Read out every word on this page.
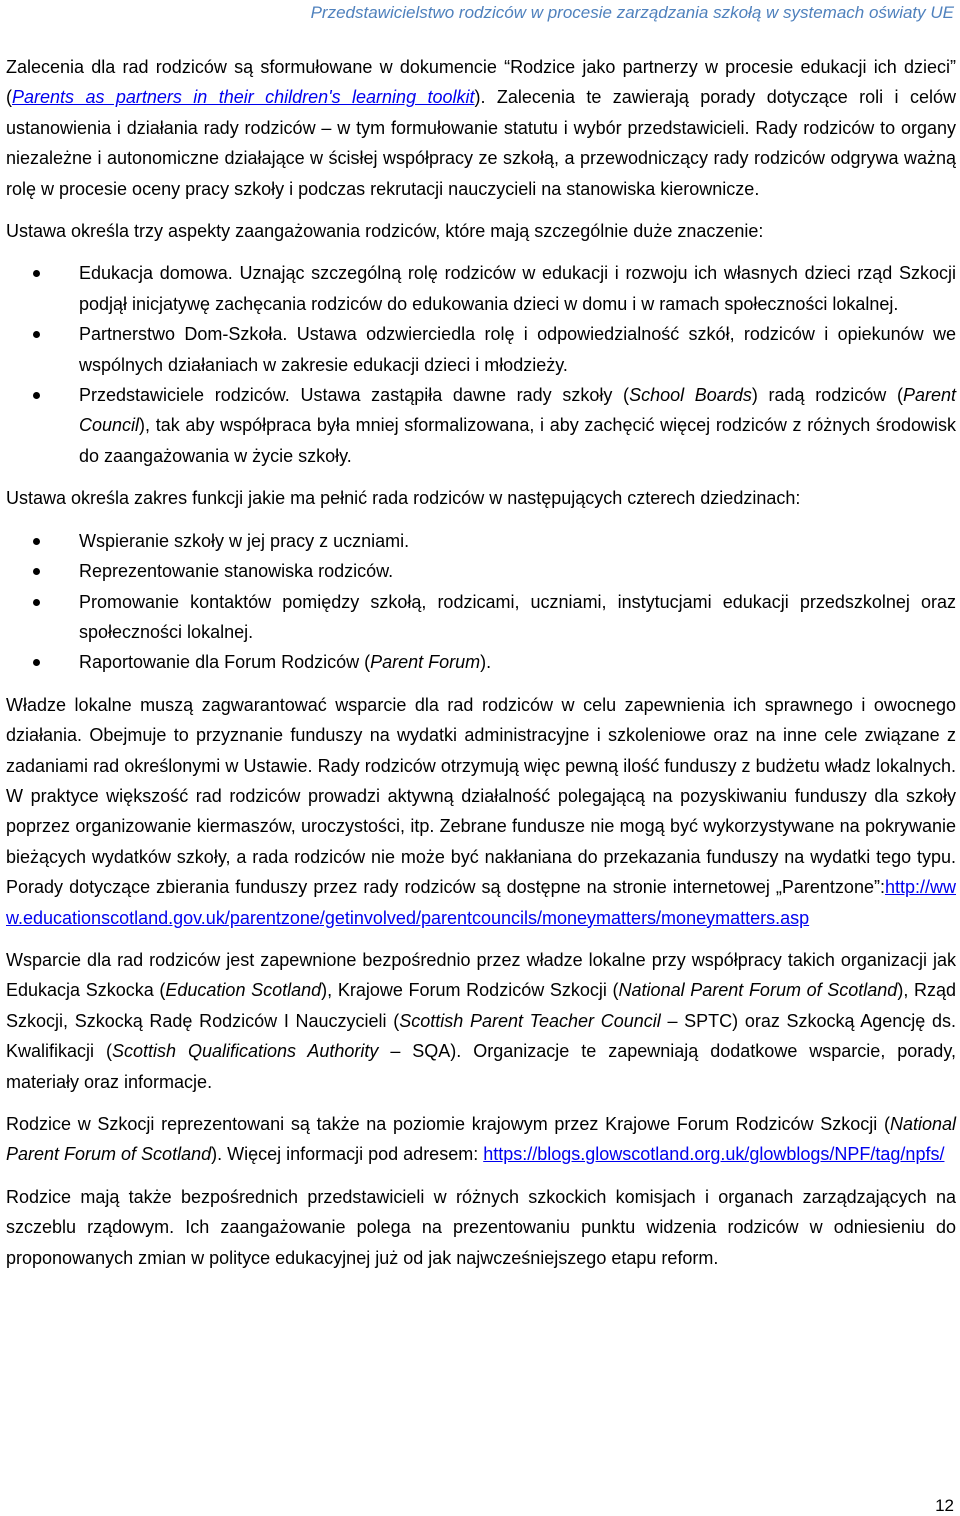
Przedstawicielstwo rodziców w procesie zarządzania szkołą w systemach oświaty UE

Zalecenia dla rad rodziców są sformułowane w dokumencie “Rodzice jako partnerzy w procesie edukacji ich dzieci” (Parents as partners in their children's learning toolkit). Zalecenia te zawierają porady dotyczące roli i celów ustanowienia i działania rady rodziców – w tym formułowanie statutu i wybór przedstawicieli. Rady rodziców to organy niezależne i autonomiczne działające w ścisłej współpracy ze szkołą, a przewodniczący rady rodziców odgrywa ważną rolę w procesie oceny pracy szkoły i podczas rekrutacji nauczycieli na stanowiska kierownicze.

Ustawa określa trzy aspekty zaangażowania rodziców, które mają szczególnie duże znaczenie:

Edukacja domowa. Uznając szczególną rolę rodziców w edukacji i rozwoju ich własnych dzieci rząd Szkocji podjął inicjatywę zachęcania rodziców do edukowania dzieci w domu i w ramach społeczności lokalnej.
Partnerstwo Dom-Szkoła. Ustawa odzwierciedla rolę i odpowiedzialność szkół, rodziców i opiekunów we wspólnych działaniach w zakresie edukacji dzieci i młodzieży.
Przedstawiciele rodziców. Ustawa zastąpiła dawne rady szkoły (School Boards) radą rodziców (Parent Council), tak aby współpraca była mniej sformalizowana, i aby zachęcić więcej rodziców z różnych środowisk do zaangażowania w życie szkoły.

Ustawa określa zakres funkcji jakie ma pełnić rada rodziców w następujących czterech dziedzinach:

Wspieranie szkoły w jej pracy z uczniami.
Reprezentowanie stanowiska rodziców.
Promowanie kontaktów pomiędzy szkołą, rodzicami, uczniami, instytucjami edukacji przedszkolnej oraz społeczności lokalnej.
Raportowanie dla Forum Rodziców (Parent Forum).

Władze lokalne muszą zagwarantować wsparcie dla rad rodziców w celu zapewnienia ich sprawnego i owocnego działania. Obejmuje to przyznanie funduszy na wydatki administracyjne i szkoleniowe oraz na inne cele związane z zadaniami rad określonymi w Ustawie. Rady rodziców otrzymują więc pewną ilość funduszy z budżetu władz lokalnych. W praktyce większość rad rodziców prowadzi aktywną działalność polegającą na pozyskiwaniu funduszy dla szkoły poprzez organizowanie kiermaszów, uroczystości, itp. Zebrane fundusze nie mogą być wykorzystywane na pokrywanie bieżących wydatków szkoły, a rada rodziców nie może być nakłaniana do przekazania funduszy na wydatki tego typu. Porady dotyczące zbierania funduszy przez rady rodziców są dostępne na stronie internetowej „Parentzone”:http://www.educationscotland.gov.uk/parentzone/getinvolved/parentcouncils/moneymatters/moneymatters.asp

Wsparcie dla rad rodziców jest zapewnione bezpośrednio przez władze lokalne przy współpracy takich organizacji jak Edukacja Szkocka (Education Scotland), Krajowe Forum Rodziców Szkocji (National Parent Forum of Scotland), Rząd Szkocji, Szkocką Radę Rodziców I Nauczycieli (Scottish Parent Teacher Council – SPTC) oraz Szkocką Agencję ds. Kwalifikacji (Scottish Qualifications Authority – SQA). Organizacje te zapewniają dodatkowe wsparcie, porady, materiały oraz informacje.

Rodzice w Szkocji reprezentowani są także na poziomie krajowym przez Krajowe Forum Rodziców Szkocji (National Parent Forum of Scotland). Więcej informacji pod adresem: https://blogs.glowscotland.org.uk/glowblogs/NPF/tag/npfs/

Rodzice mają także bezpośrednich przedstawicieli w różnych szkockich komisjach i organach zarządzających na szczeblu rządowym. Ich zaangażowanie polega na prezentowaniu punktu widzenia rodziców w odniesieniu do proponowanych zmian w polityce edukacyjnej już od jak najwcześniejszego etapu reform.

12
